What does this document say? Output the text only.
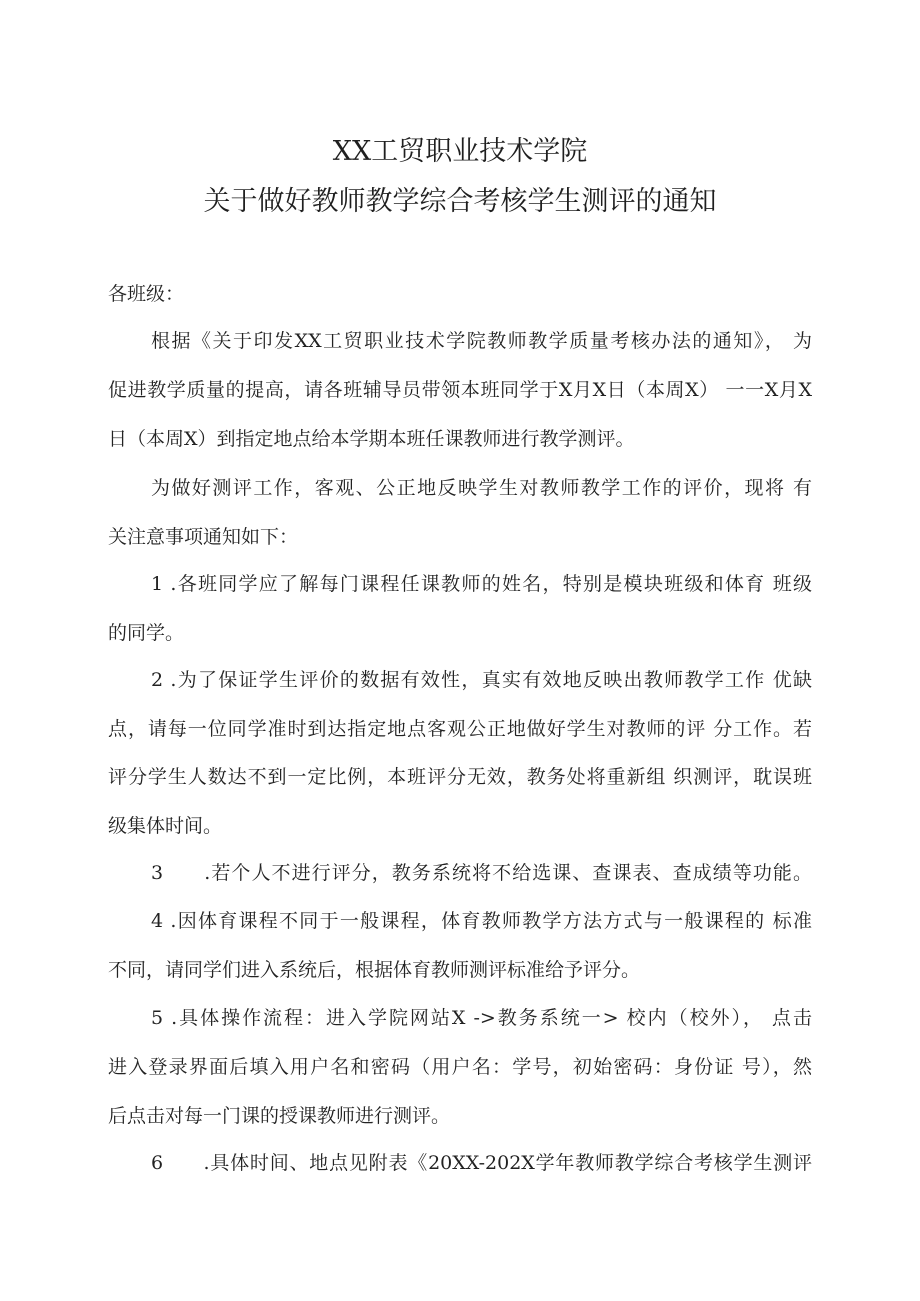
XX工贸职业技术学院
关于做好教师教学综合考核学生测评的通知
各班级：
根据《关于印发XX工贸职业技术学院教师教学质量考核办法的通知》， 为
促进教学质量的提高，请各班辅导员带领本班同学于X月X日（本周X） 一一X月X
日（本周X）到指定地点给本学期本班任课教师进行教学测评。
为做好测评工作，客观、公正地反映学生对教师教学工作的评价，现将 有
关注意事项通知如下：
1 .各班同学应了解每门课程任课教师的姓名，特别是模块班级和体育 班级
的同学。
2 .为了保证学生评价的数据有效性，真实有效地反映出教师教学工作 优缺
点，请每一位同学准时到达指定地点客观公正地做好学生对教师的评 分工作。若
评分学生人数达不到一定比例，本班评分无效，教务处将重新组 织测评，耽误班
级集体时间。
3　　.若个人不进行评分，教务系统将不给选课、查课表、查成绩等功能。
4 .因体育课程不同于一般课程，体育教师教学方法方式与一般课程的 标准
不同，请同学们进入系统后，根据体育教师测评标准给予评分。
5 .具体操作流程：进入学院网站X ->教务系统一> 校内（校外）， 点击
进入登录界面后填入用户名和密码（用户名：学号，初始密码：身份证 号），然
后点击对每一门课的授课教师进行测评。
6　　.具体时间、地点见附表《20XX-202X学年教师教学综合考核学生测评
